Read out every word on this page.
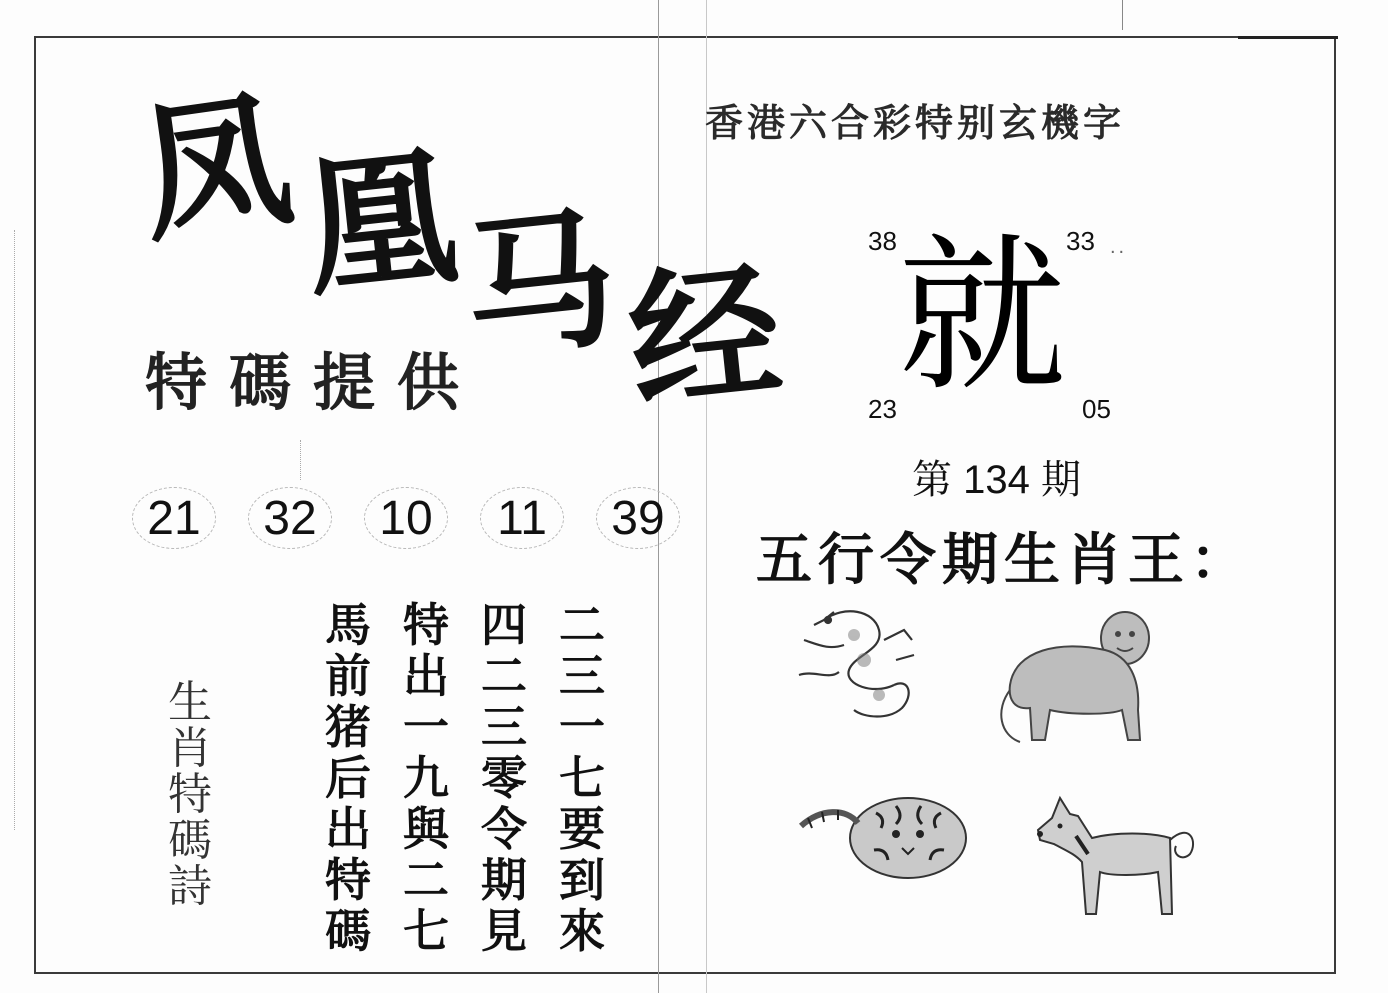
凤
凰
马
经
特碼提供
21	32	10	11	39
生
肖
特
碼
詩
馬
前
猪
后
出
特
碼
特
出
一
九
與
二
七
四
二
三
零
令
期
見
二
三
一
七
要
到
來
香港六合彩特别玄機字
38	33
23	05
..
就
第 134 期
五行令期生肖王：
